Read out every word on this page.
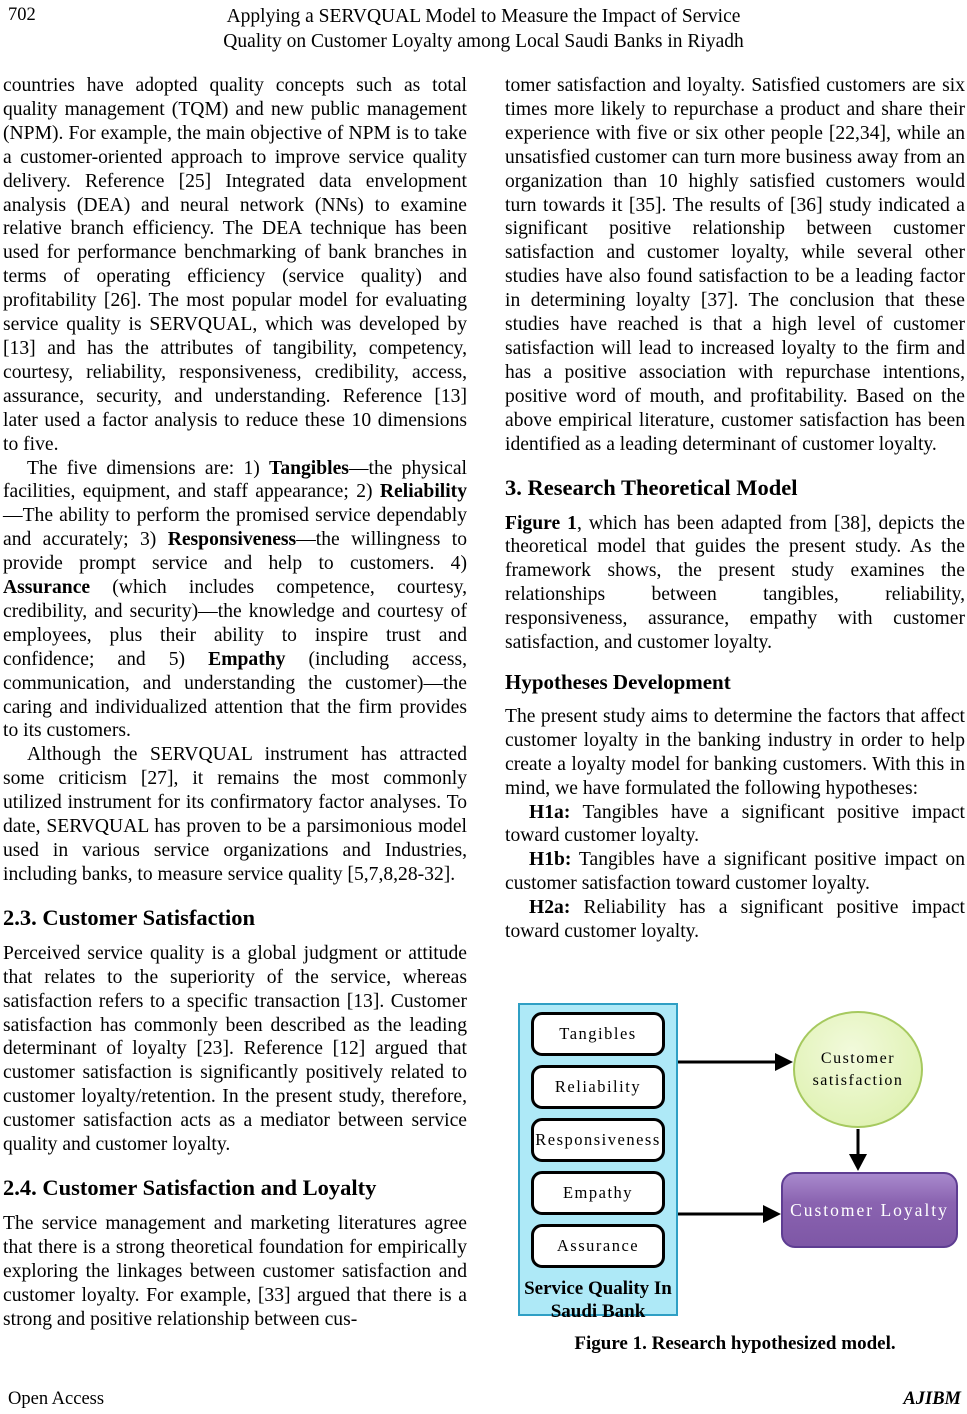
702	Applying a SERVQUAL Model to Measure the Impact of Service
Quality on Customer Loyalty among Local Saudi Banks in Riyadh

countries have adopted quality concepts such as total quality management (TQM) and new public management (NPM). For example, the main objective of NPM is to take a customer-oriented approach to improve service quality delivery. Reference [25] Integrated data envelopment analysis (DEA) and neural network (NNs) to examine relative branch efficiency. The DEA technique has been used for performance benchmarking of bank branches in terms of operating efficiency (service quality) and profitability [26]. The most popular model for evaluating service quality is SERVQUAL, which was developed by [13] and has the attributes of tangibility, competency, courtesy, reliability, responsiveness, credibility, access, assurance, security, and understanding. Reference [13] later used a factor analysis to reduce these 10 dimensions to five.

The five dimensions are: 1) Tangibles—the physical facilities, equipment, and staff appearance; 2) Reliability—The ability to perform the promised service dependably and accurately; 3) Responsiveness—the willingness to provide prompt service and help to customers. 4) Assurance (which includes competence, courtesy, credibility, and security)—the knowledge and courtesy of employees, plus their ability to inspire trust and confidence; and 5) Empathy (including access, communication, and understanding the customer)—the caring and individualized attention that the firm provides to its customers.

Although the SERVQUAL instrument has attracted some criticism [27], it remains the most commonly utilized instrument for its confirmatory factor analyses. To date, SERVQUAL has proven to be a parsimonious model used in various service organizations and Industries, including banks, to measure service quality [5,7,8,28-32].

2.3. Customer Satisfaction

Perceived service quality is a global judgment or attitude that relates to the superiority of the service, whereas satisfaction refers to a specific transaction [13]. Customer satisfaction has commonly been described as the leading determinant of loyalty [23]. Reference [12] argued that customer satisfaction is significantly positively related to customer loyalty/retention. In the present study, therefore, customer satisfaction acts as a mediator between service quality and customer loyalty.

2.4. Customer Satisfaction and Loyalty

The service management and marketing literatures agree that there is a strong theoretical foundation for empirically exploring the linkages between customer satisfaction and customer loyalty. For example, [33] argued that there is a strong and positive relationship between cus-

tomer satisfaction and loyalty. Satisfied customers are six times more likely to repurchase a product and share their experience with five or six other people [22,34], while an unsatisfied customer can turn more business away from an organization than 10 highly satisfied customers would turn towards it [35]. The results of [36] study indicated a significant positive relationship between customer satisfaction and customer loyalty, while several other studies have also found satisfaction to be a leading factor in determining loyalty [37]. The conclusion that these studies have reached is that a high level of customer satisfaction will lead to increased loyalty to the firm and has a positive association with repurchase intentions, positive word of mouth, and profitability. Based on the above empirical literature, customer satisfaction has been identified as a leading determinant of customer loyalty.

3. Research Theoretical Model

Figure 1, which has been adapted from [38], depicts the theoretical model that guides the present study. As the framework shows, the present study examines the relationships between tangibles, reliability, responsiveness, assurance, empathy with customer satisfaction, and customer loyalty.

Hypotheses Development

The present study aims to determine the factors that affect customer loyalty in the banking industry in order to help create a loyalty model for banking customers. With this in mind, we have formulated the following hypotheses:

H1a: Tangibles have a significant positive impact toward customer loyalty.

H1b: Tangibles have a significant positive impact on customer satisfaction toward customer loyalty.

H2a: Reliability has a significant positive impact toward customer loyalty.

Tangibles
Reliability
Responsiveness
Empathy
Assurance
Service Quality In
Saudi Bank
Customer
satisfaction
Customer Loyalty
Figure 1. Research hypothesized model.
Open Access	AJIBM
